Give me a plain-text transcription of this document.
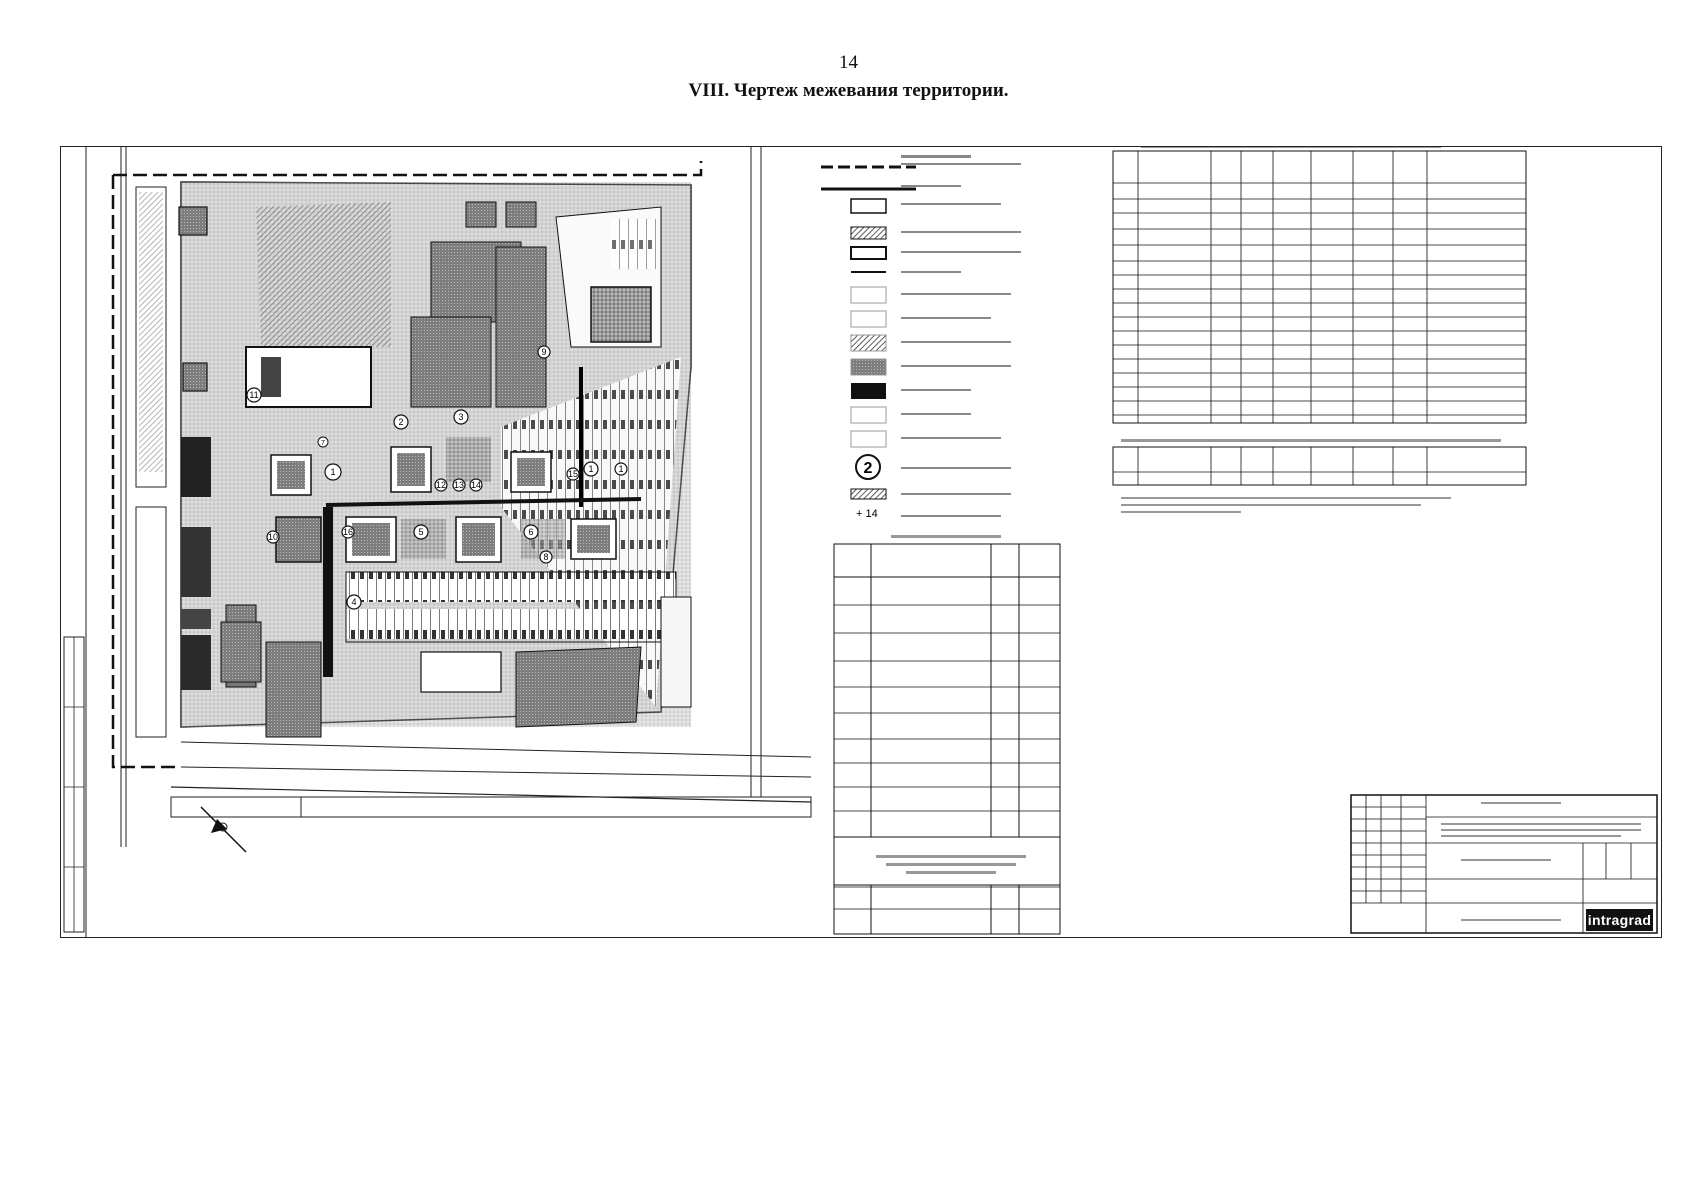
14
VIII. Чертеж межевания территории.
1	1	1
2	3
4
5	6
7
8
9
10
11
12 13 14
15
16
2
+ 14
intragrad
